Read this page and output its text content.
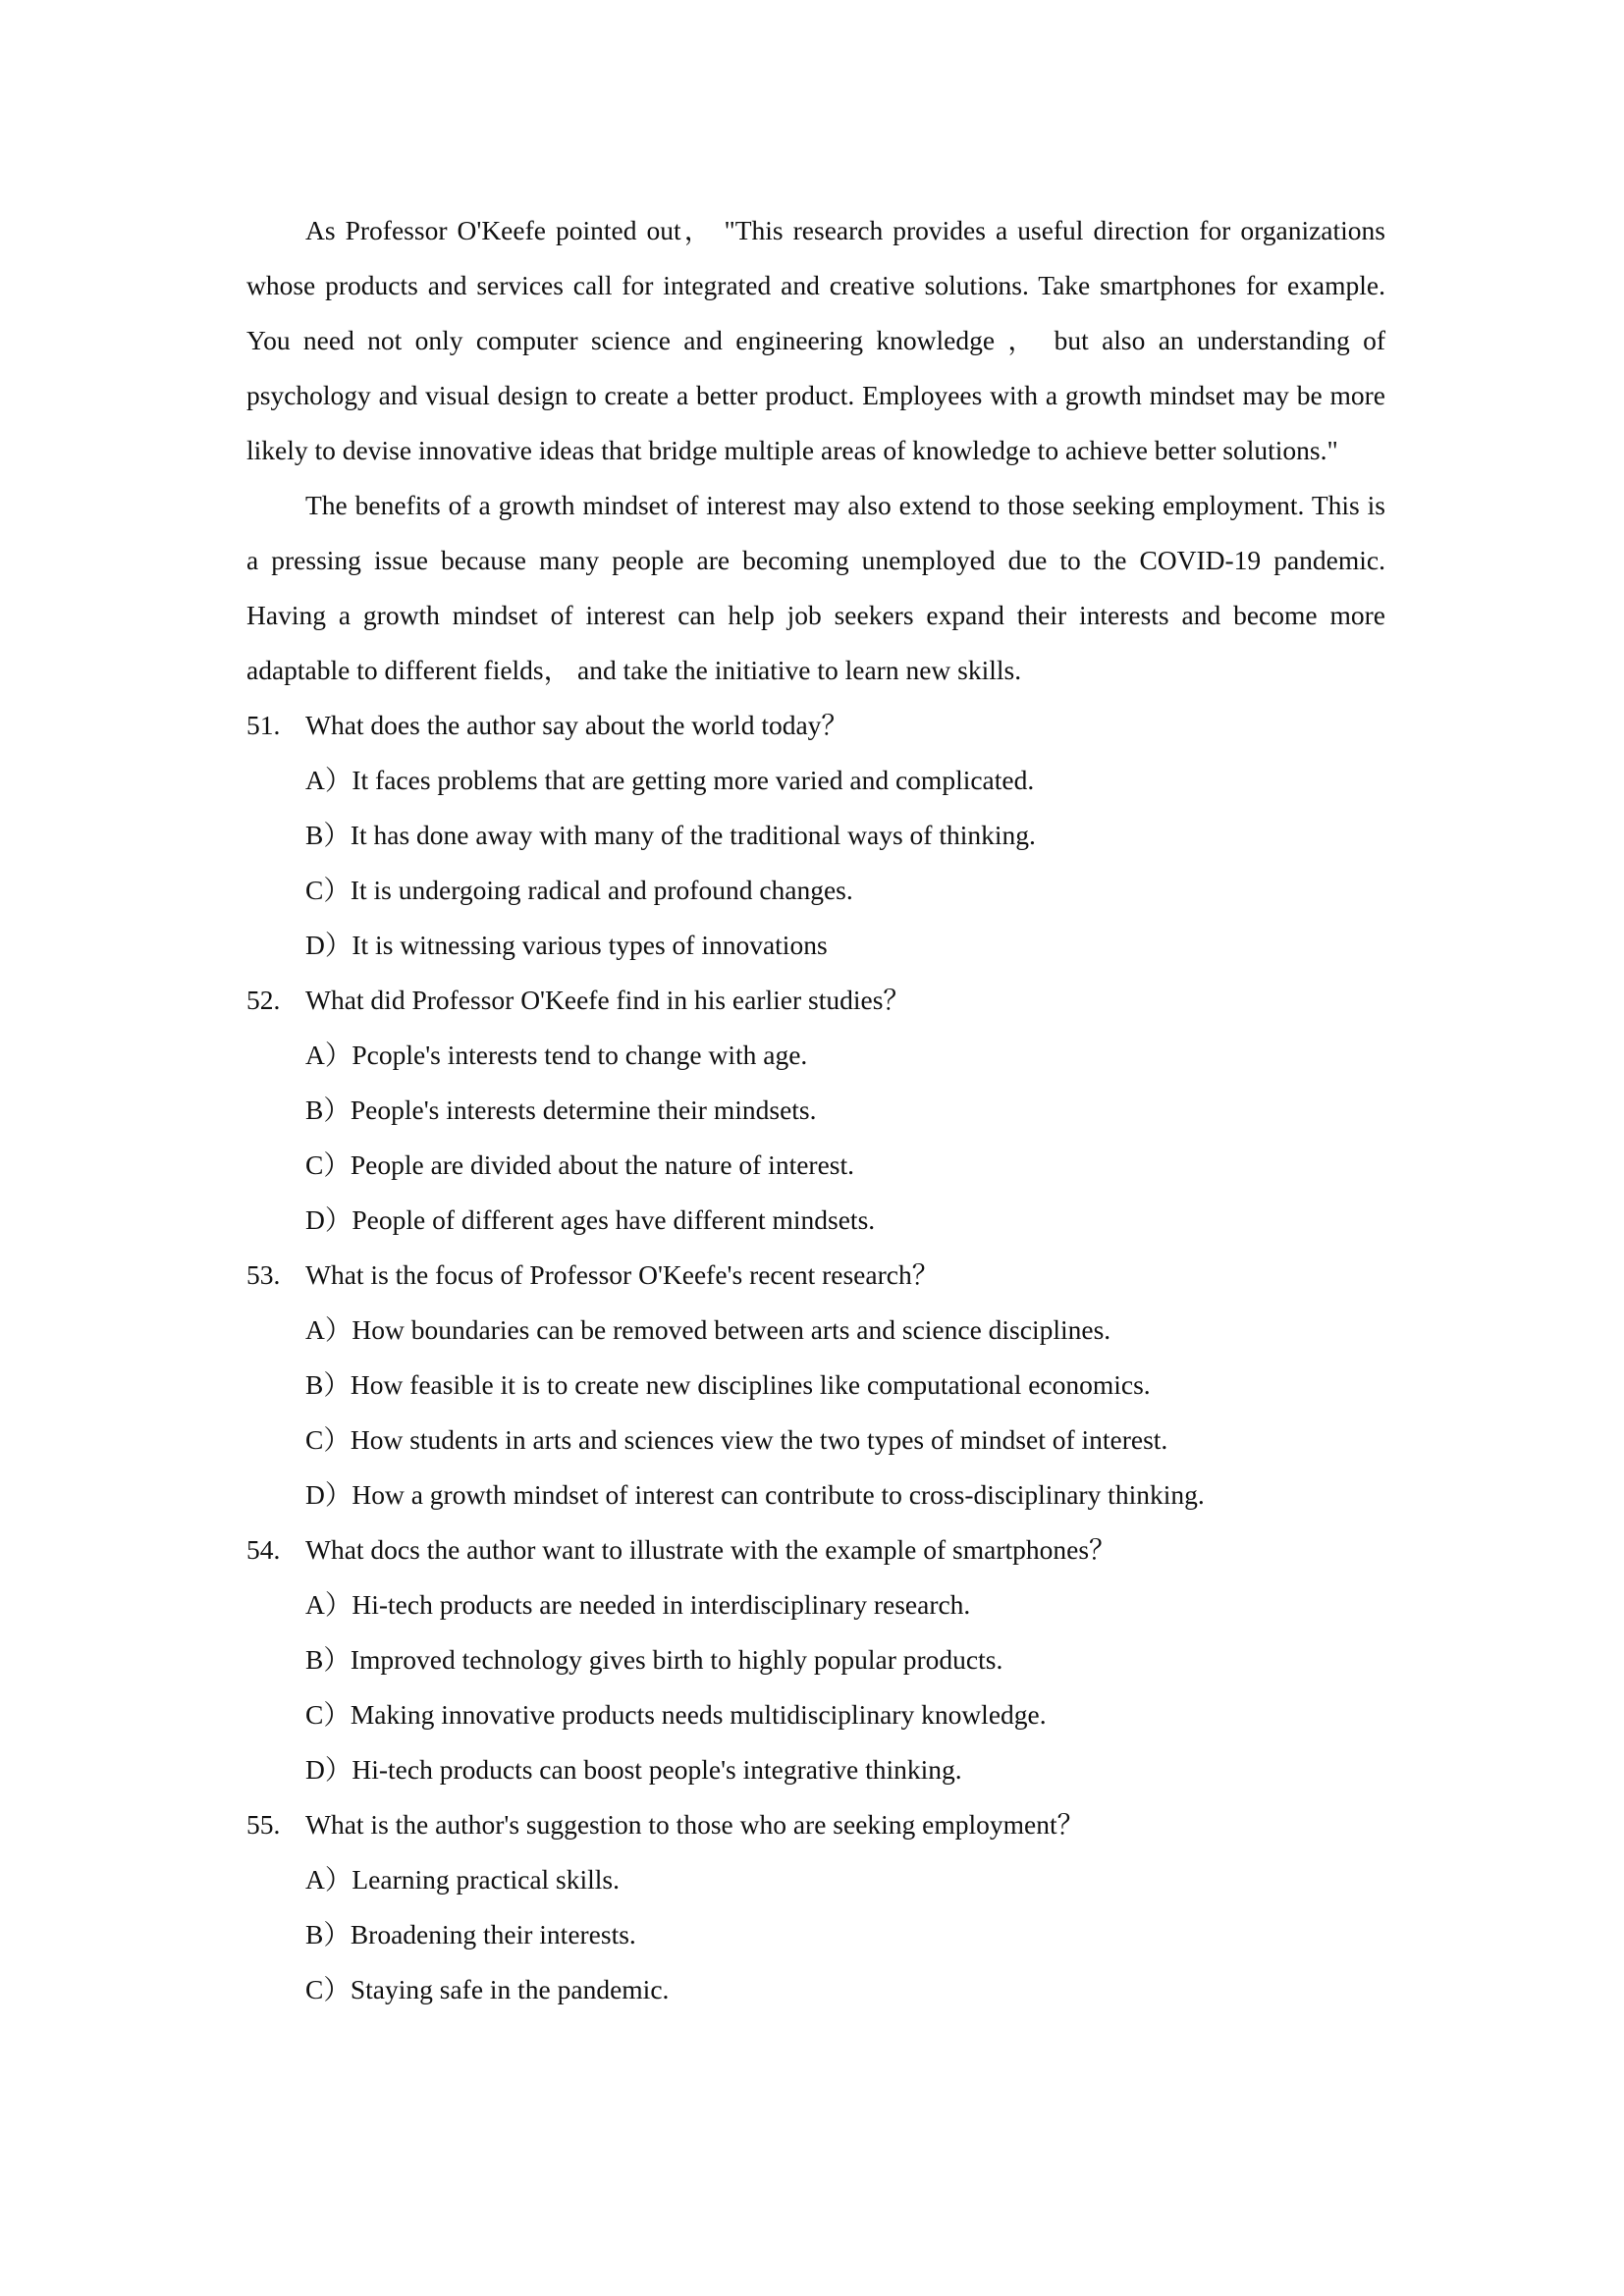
As Professor O'Keefe pointed out， "This research provides a useful direction for organizations whose products and services call for integrated and creative solutions. Take smartphones for example. You need not only computer science and engineering knowledge ， but also an understanding of psychology and visual design to create a better product. Employees with a growth mindset may be more likely to devise innovative ideas that bridge multiple areas of knowledge to achieve better solutions."

The benefits of a growth mindset of interest may also extend to those seeking employment. This is a pressing issue because many people are becoming unemployed due to the COVID-19 pandemic. Having a growth mindset of interest can help job seekers expand their interests and become more adaptable to different fields， and take the initiative to learn new skills.

51. What does the author say about the world today？
A）It faces problems that are getting more varied and complicated.
B）It has done away with many of the traditional ways of thinking.
C）It is undergoing radical and profound changes.
D）It is witnessing various types of innovations
52. What did Professor O'Keefe find in his earlier studies？
A）Pcople's interests tend to change with age.
B）People's interests determine their mindsets.
C）People are divided about the nature of interest.
D）People of different ages have different mindsets.
53. What is the focus of Professor O'Keefe's recent research？
A）How boundaries can be removed between arts and science disciplines.
B）How feasible it is to create new disciplines like computational economics.
C）How students in arts and sciences view the two types of mindset of interest.
D）How a growth mindset of interest can contribute to cross-disciplinary thinking.
54. What docs the author want to illustrate with the example of smartphones？
A）Hi-tech products are needed in interdisciplinary research.
B）Improved technology gives birth to highly popular products.
C）Making innovative products needs multidisciplinary knowledge.
D）Hi-tech products can boost people's integrative thinking.
55. What is the author's suggestion to those who are seeking employment？
A）Learning practical skills.
B）Broadening their interests.
C）Staying safe in the pandemic.
